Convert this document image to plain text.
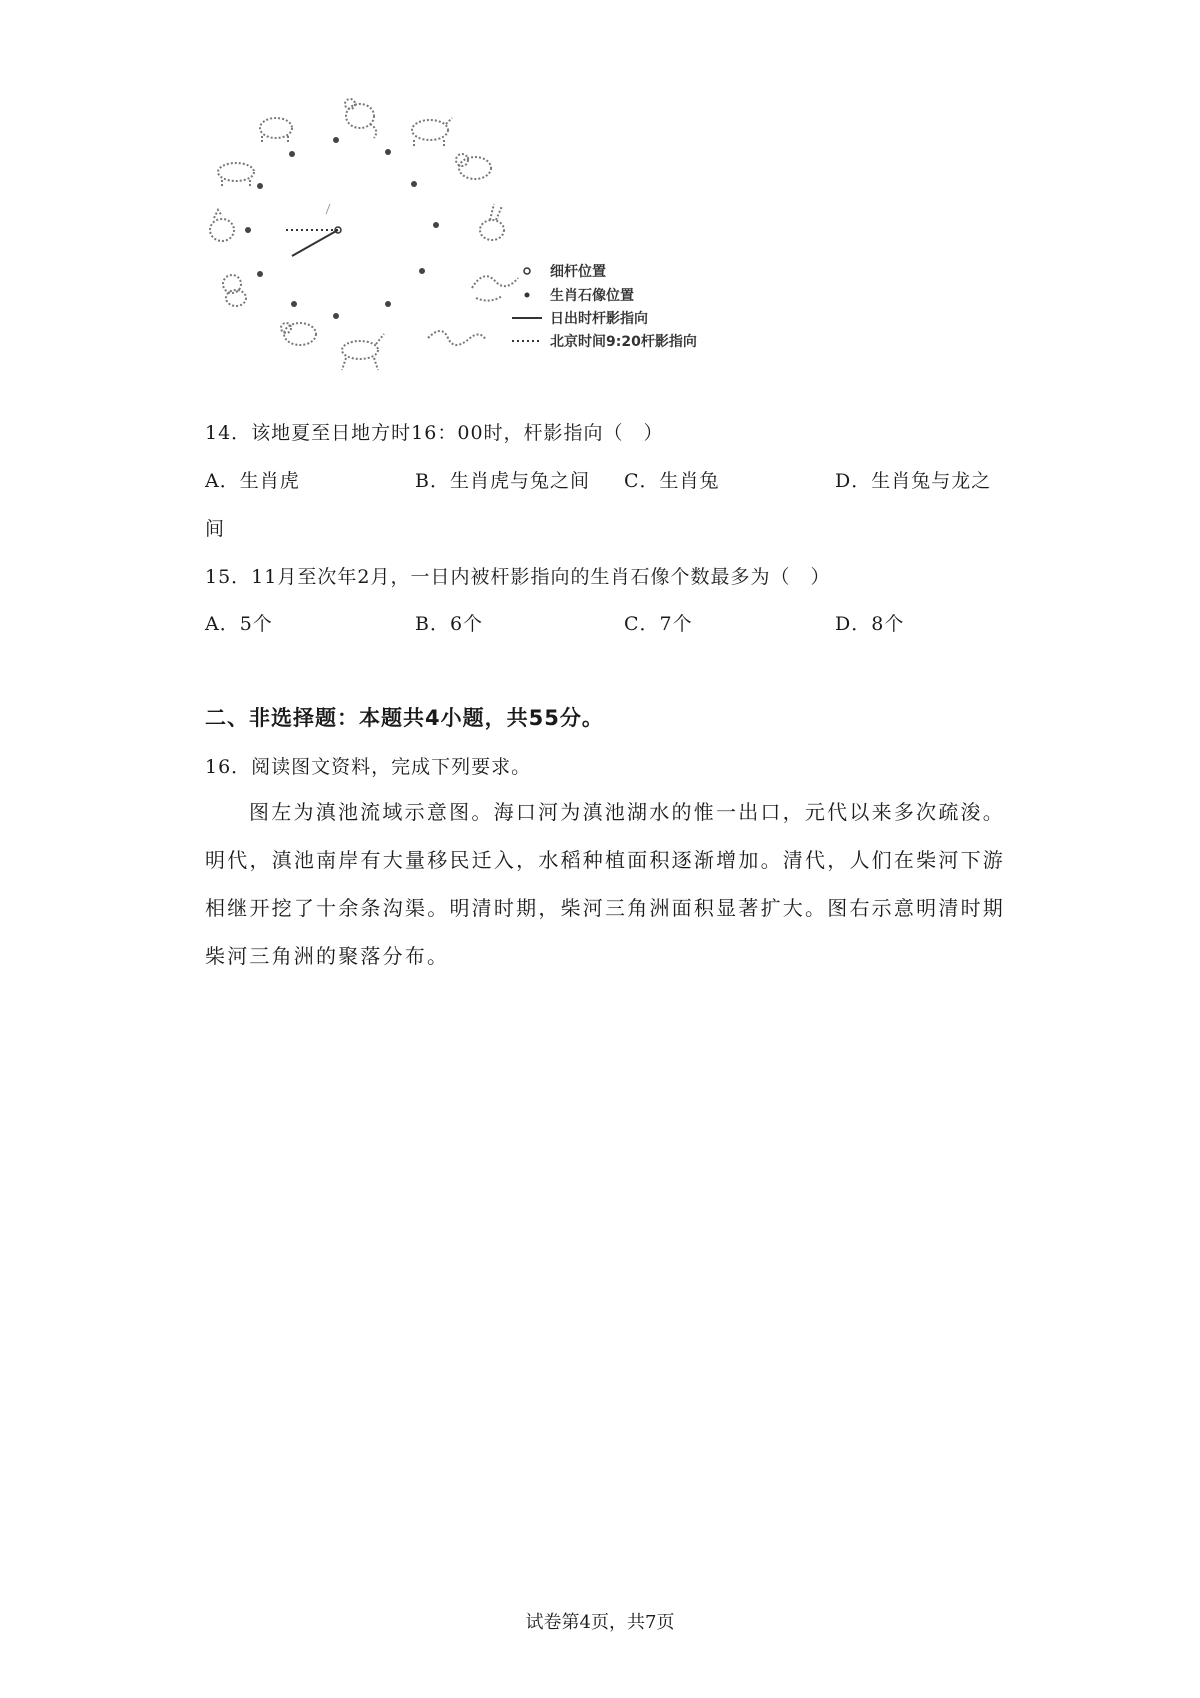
细杆位置
生肖石像位置
日出时杆影指向
北京时间9:20杆影指向
14．该地夏至日地方时16：00时，杆影指向（　）
A．生肖虎	B．生肖虎与兔之间 C．生肖兔	D．生肖兔与龙之
间
15．11月至次年2月，一日内被杆影指向的生肖石像个数最多为（　）
A．5个	B．6个	C．7个	D．8个
二、非选择题：本题共4小题，共55分。
16．阅读图文资料，完成下列要求。
图左为滇池流域示意图。海口河为滇池湖水的惟一出口，元代以来多次疏浚。明代，滇池南岸有大量移民迁入，水稻种植面积逐渐增加。清代，人们在柴河下游相继开挖了十余条沟渠。明清时期，柴河三角洲面积显著扩大。图右示意明清时期柴河三角洲的聚落分布。
试卷第4页，共7页
